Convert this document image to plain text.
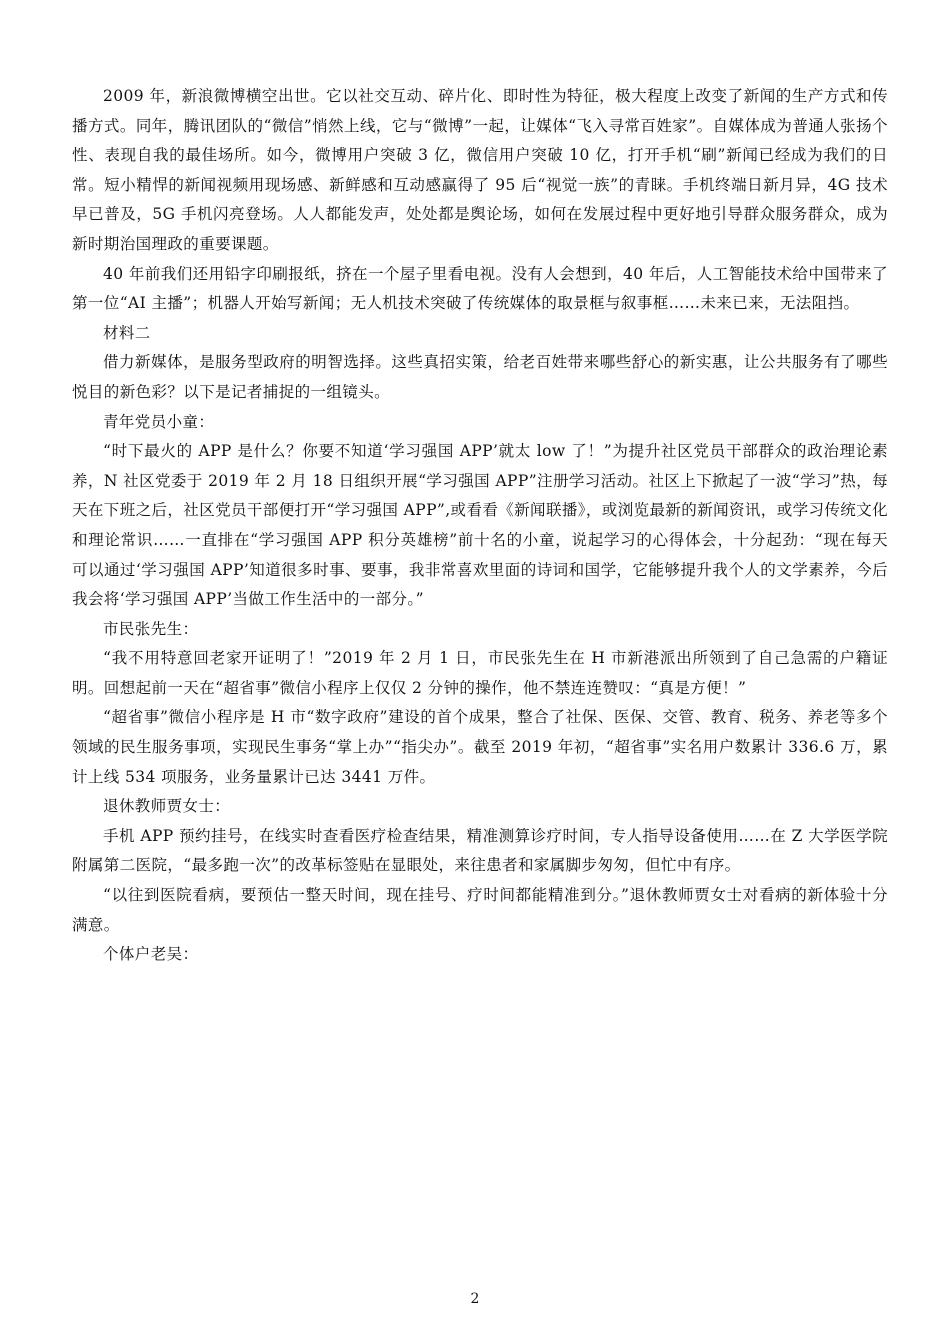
2009 年，新浪微博横空出世。它以社交互动、碎片化、即时性为特征，极大程度上改变了新闻的生产方式和传播方式。同年，腾讯团队的“微信”悄然上线，它与“微博”一起，让媒体“飞入寻常百姓家”。自媒体成为普通人张扬个性、表现自我的最佳场所。如今，微博用户突破 3 亿，微信用户突破 10 亿，打开手机“刷”新闻已经成为我们的日常。短小精悍的新闻视频用现场感、新鲜感和互动感赢得了 95 后“视觉一族”的青睐。手机终端日新月异，4G 技术早已普及，5G 手机闪亮登场。人人都能发声，处处都是舆论场，如何在发展过程中更好地引导群众服务群众，成为新时期治国理政的重要课题。

40 年前我们还用铅字印刷报纸，挤在一个屋子里看电视。没有人会想到，40 年后，人工智能技术给中国带来了第一位“AI 主播”；机器人开始写新闻；无人机技术突破了传统媒体的取景框与叙事框……未来已来，无法阻挡。

材料二

借力新媒体，是服务型政府的明智选择。这些真招实策，给老百姓带来哪些舒心的新实惠，让公共服务有了哪些悦目的新色彩？以下是记者捕捉的一组镜头。

青年党员小童：

“时下最火的 APP 是什么？你要不知道‘学习强国 APP’就太 low 了！”为提升社区党员干部群众的政治理论素养，N 社区党委于 2019 年 2 月 18 日组织开展“学习强国 APP”注册学习活动。社区上下掀起了一波“学习”热，每天在下班之后，社区党员干部便打开“学习强国 APP”,或看看《新闻联播》，或浏览最新的新闻资讯，或学习传统文化和理论常识……一直排在“学习强国 APP 积分英雄榜”前十名的小童，说起学习的心得体会，十分起劲：“现在每天可以通过‘学习强国 APP’知道很多时事、要事，我非常喜欢里面的诗词和国学，它能够提升我个人的文学素养，今后我会将‘学习强国 APP’当做工作生活中的一部分。”

市民张先生：

“我不用特意回老家开证明了！”2019 年 2 月 1 日，市民张先生在 H 市新港派出所领到了自己急需的户籍证明。回想起前一天在“超省事”微信小程序上仅仅 2 分钟的操作，他不禁连连赞叹：“真是方便！”

“超省事”微信小程序是 H 市“数字政府”建设的首个成果，整合了社保、医保、交管、教育、税务、养老等多个领域的民生服务事项，实现民生事务“掌上办”“指尖办”。截至 2019 年初，“超省事”实名用户数累计 336.6 万，累计上线 534 项服务，业务量累计已达 3441 万件。

退休教师贾女士：

手机 APP 预约挂号，在线实时查看医疗检查结果，精准测算诊疗时间，专人指导设备使用……在 Z 大学医学院附属第二医院，“最多跑一次”的改革标签贴在显眼处，来往患者和家属脚步匆匆，但忙中有序。

“以往到医院看病，要预估一整天时间，现在挂号、疗时间都能精准到分。”退休教师贾女士对看病的新体验十分满意。

个体户老吴：

2
